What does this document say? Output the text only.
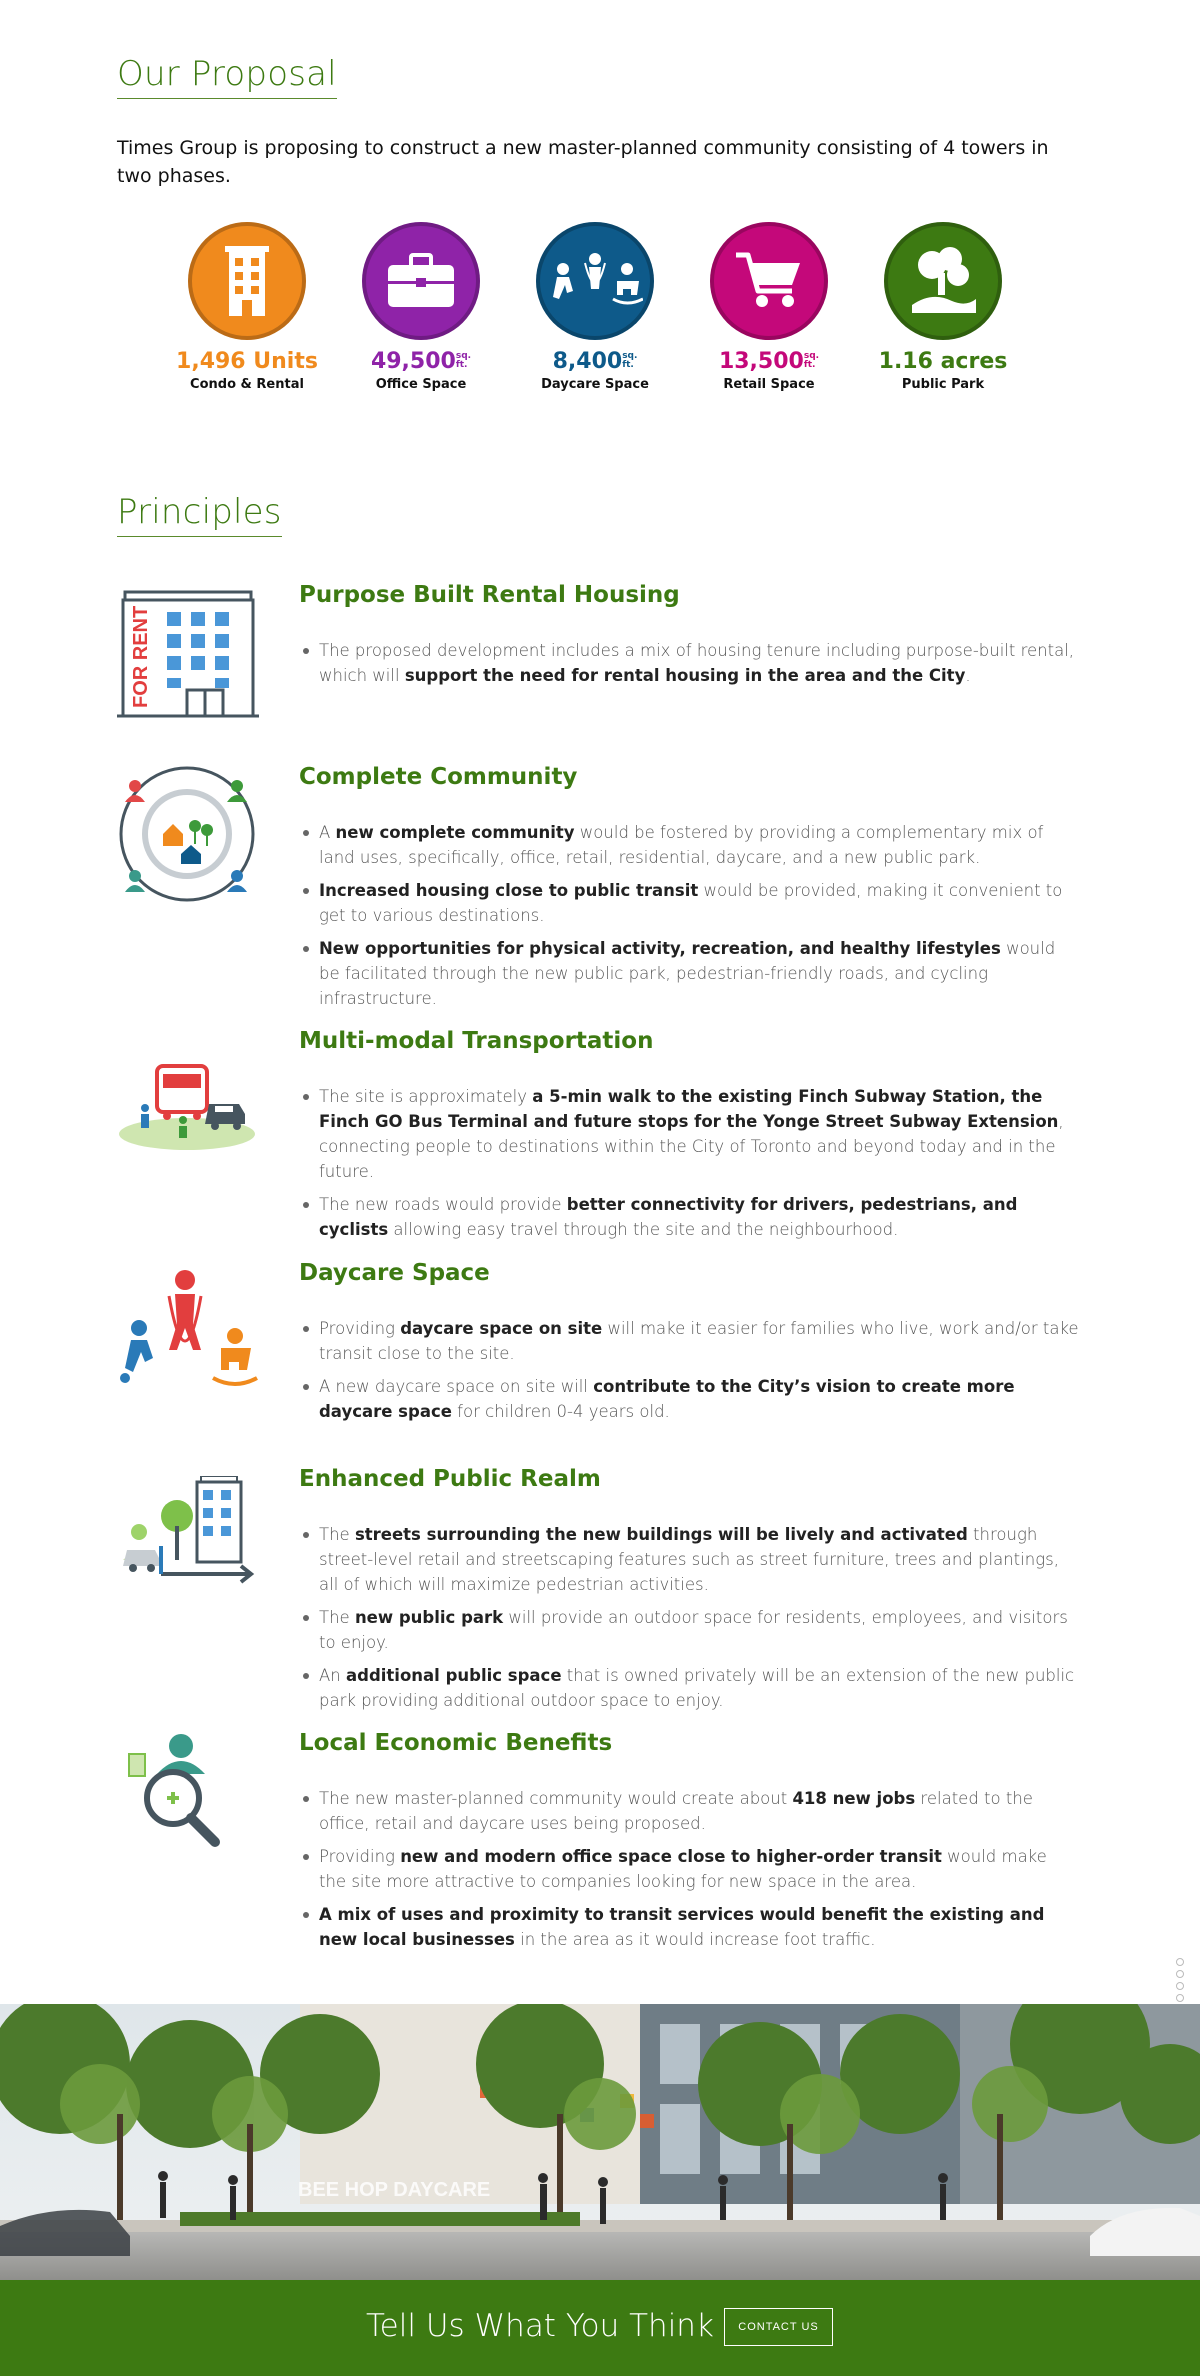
Our Proposal

Times Group is proposing to construct a new master-planned community consisting of 4 towers in two phases.

1,496 Units
Condo & Rental
49,500sq.
ft.
Office Space
8,400sq.
ft.
Daycare Space
13,500sq.
ft.
Retail Space
1.16 acres
Public Park
Principles
FOR RENT
Purpose Built Rental Housing
The proposed development includes a mix of housing tenure including purpose-built rental, which will support the need for rental housing in the area and the City.
Complete Community
A new complete community would be fostered by providing a complementary mix of land uses, specifically, office, retail, residential, daycare, and a new public park.
Increased housing close to public transit would be provided, making it convenient to get to various destinations.
New opportunities for physical activity, recreation, and healthy lifestyles would be facilitated through the new public park, pedestrian-friendly roads, and cycling infrastructure.
Multi-modal Transportation
The site is approximately a 5-min walk to the existing Finch Subway Station, the Finch GO Bus Terminal and future stops for the Yonge Street Subway Extension, connecting people to destinations within the City of Toronto and beyond today and in the future.
The new roads would provide better connectivity for drivers, pedestrians, and cyclists allowing easy travel through the site and the neighbourhood.
Daycare Space
Providing daycare space on site will make it easier for families who live, work and/or take transit close to the site.
A new daycare space on site will contribute to the City’s vision to create more daycare space for children 0-4 years old.
Enhanced Public Realm
The streets surrounding the new buildings will be lively and activated through street-level retail and streetscaping features such as street furniture, trees and plantings, all of which will maximize pedestrian activities.
The new public park will provide an outdoor space for residents, employees, and visitors to enjoy.
An additional public space that is owned privately will be an extension of the new public park providing additional outdoor space to enjoy.
Local Economic Benefits
The new master-planned community would create about 418 new jobs related to the office, retail and daycare uses being proposed.
Providing new and modern office space close to higher-order transit would make the site more attractive to companies looking for new space in the area.
A mix of uses and proximity to transit services would benefit the existing and new local businesses in the area as it would increase foot traffic.
BEE HOP DAYCARE
Tell Us What You Think	CONTACT US
